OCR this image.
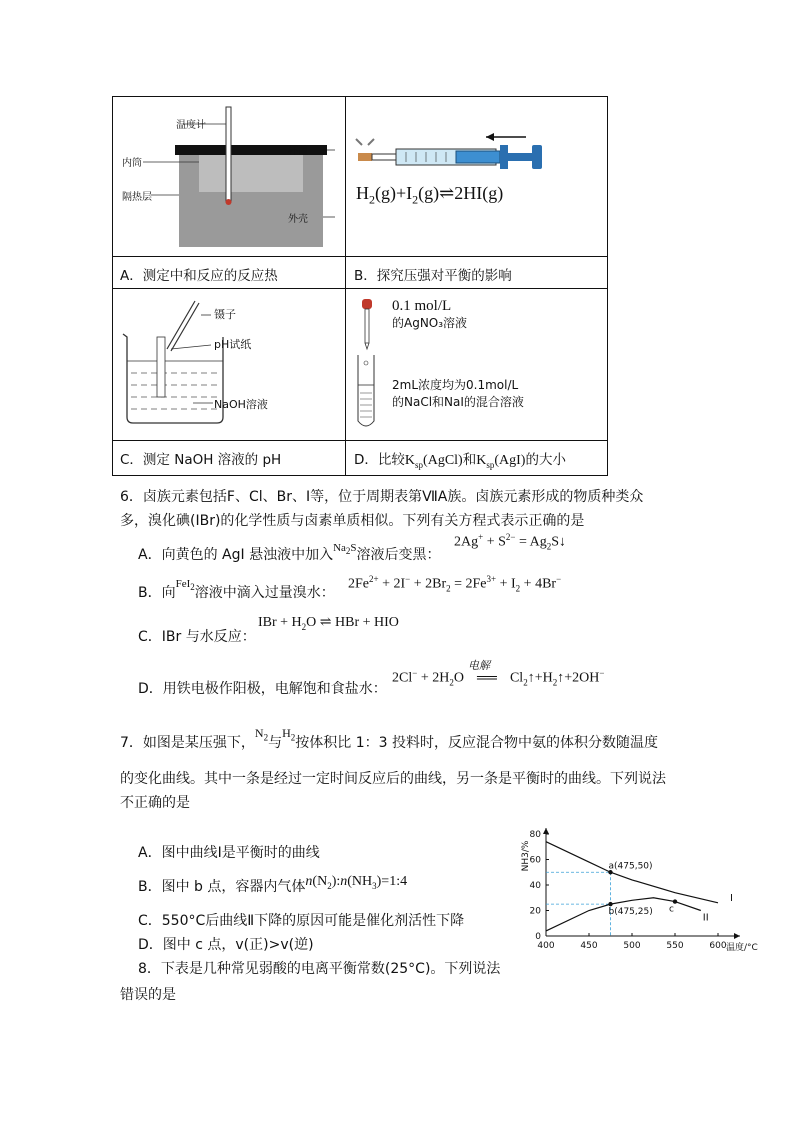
温度计
杯盖
内筒
隔热层
外壳
A．测定中和反应的反应热
$H_2(g)+I_2(g)\rightleftharpoons 2HI(g)$
B．探究压强对平衡的影响
镊子
pH试纸
NaOH溶液
C．测定 NaOH 溶液的 pH
0.1 mol/L
的AgNO₃溶液
2mL浓度均为0.1mol/L
的NaCl和NaI的混合溶液
D．比较$K_{sp}(AgCl)$和$K_{sp}(AgI)$的大小
6．卤族元素包括F、Cl、Br、I等，位于周期表第ⅦA族。卤族元素形成的物质种类众
多，溴化碘(IBr)的化学性质与卤素单质相似。下列有关方程式表示正确的是
A．向黄色的 AgI 悬浊液中加入$^{Na_2S}$溶液后变黑：
$2Ag^+ + S^{2-}$ = $Ag_2S↓$
B．向$^{FeI_2}$溶液中滴入过量溴水：
$2Fe^{2+} + 2I^- + 2Br_2 = 2Fe^{3+} + I_2 + 4Br^-$
C．IBr 与水反应：
IBr + $H_2O$ ⇌ HBr + HIO
D．用铁电极作阳极，电解饱和食盐水：
$2Cl^- + 2H_2O$
电解
══ $Cl_2↑+H_2↑+2OH^-$
7．如图是某压强下，$N_2$与$H_2$按体积比 1：3 投料时，反应混合物中氨的体积分数随温度
的变化曲线。其中一条是经过一定时间反应后的曲线，另一条是平衡时的曲线。下列说法
不正确的是
A．图中曲线Ⅰ是平衡时的曲线
B．图中 b 点，容器内气体$n(N_2):n(NH_3)=1:4$
C．550°C后曲线Ⅱ下降的原因可能是催化剂活性下降
D．图中 c 点，v(正)>v(逆)	400	450	500	550	600
0
20
40
60
80
温度/°C
NH3/%
I
II
a(475,50)
b(475,25) c
8．下表是几种常见弱酸的电离平衡常数(25°C)。下列说法
错误的是
